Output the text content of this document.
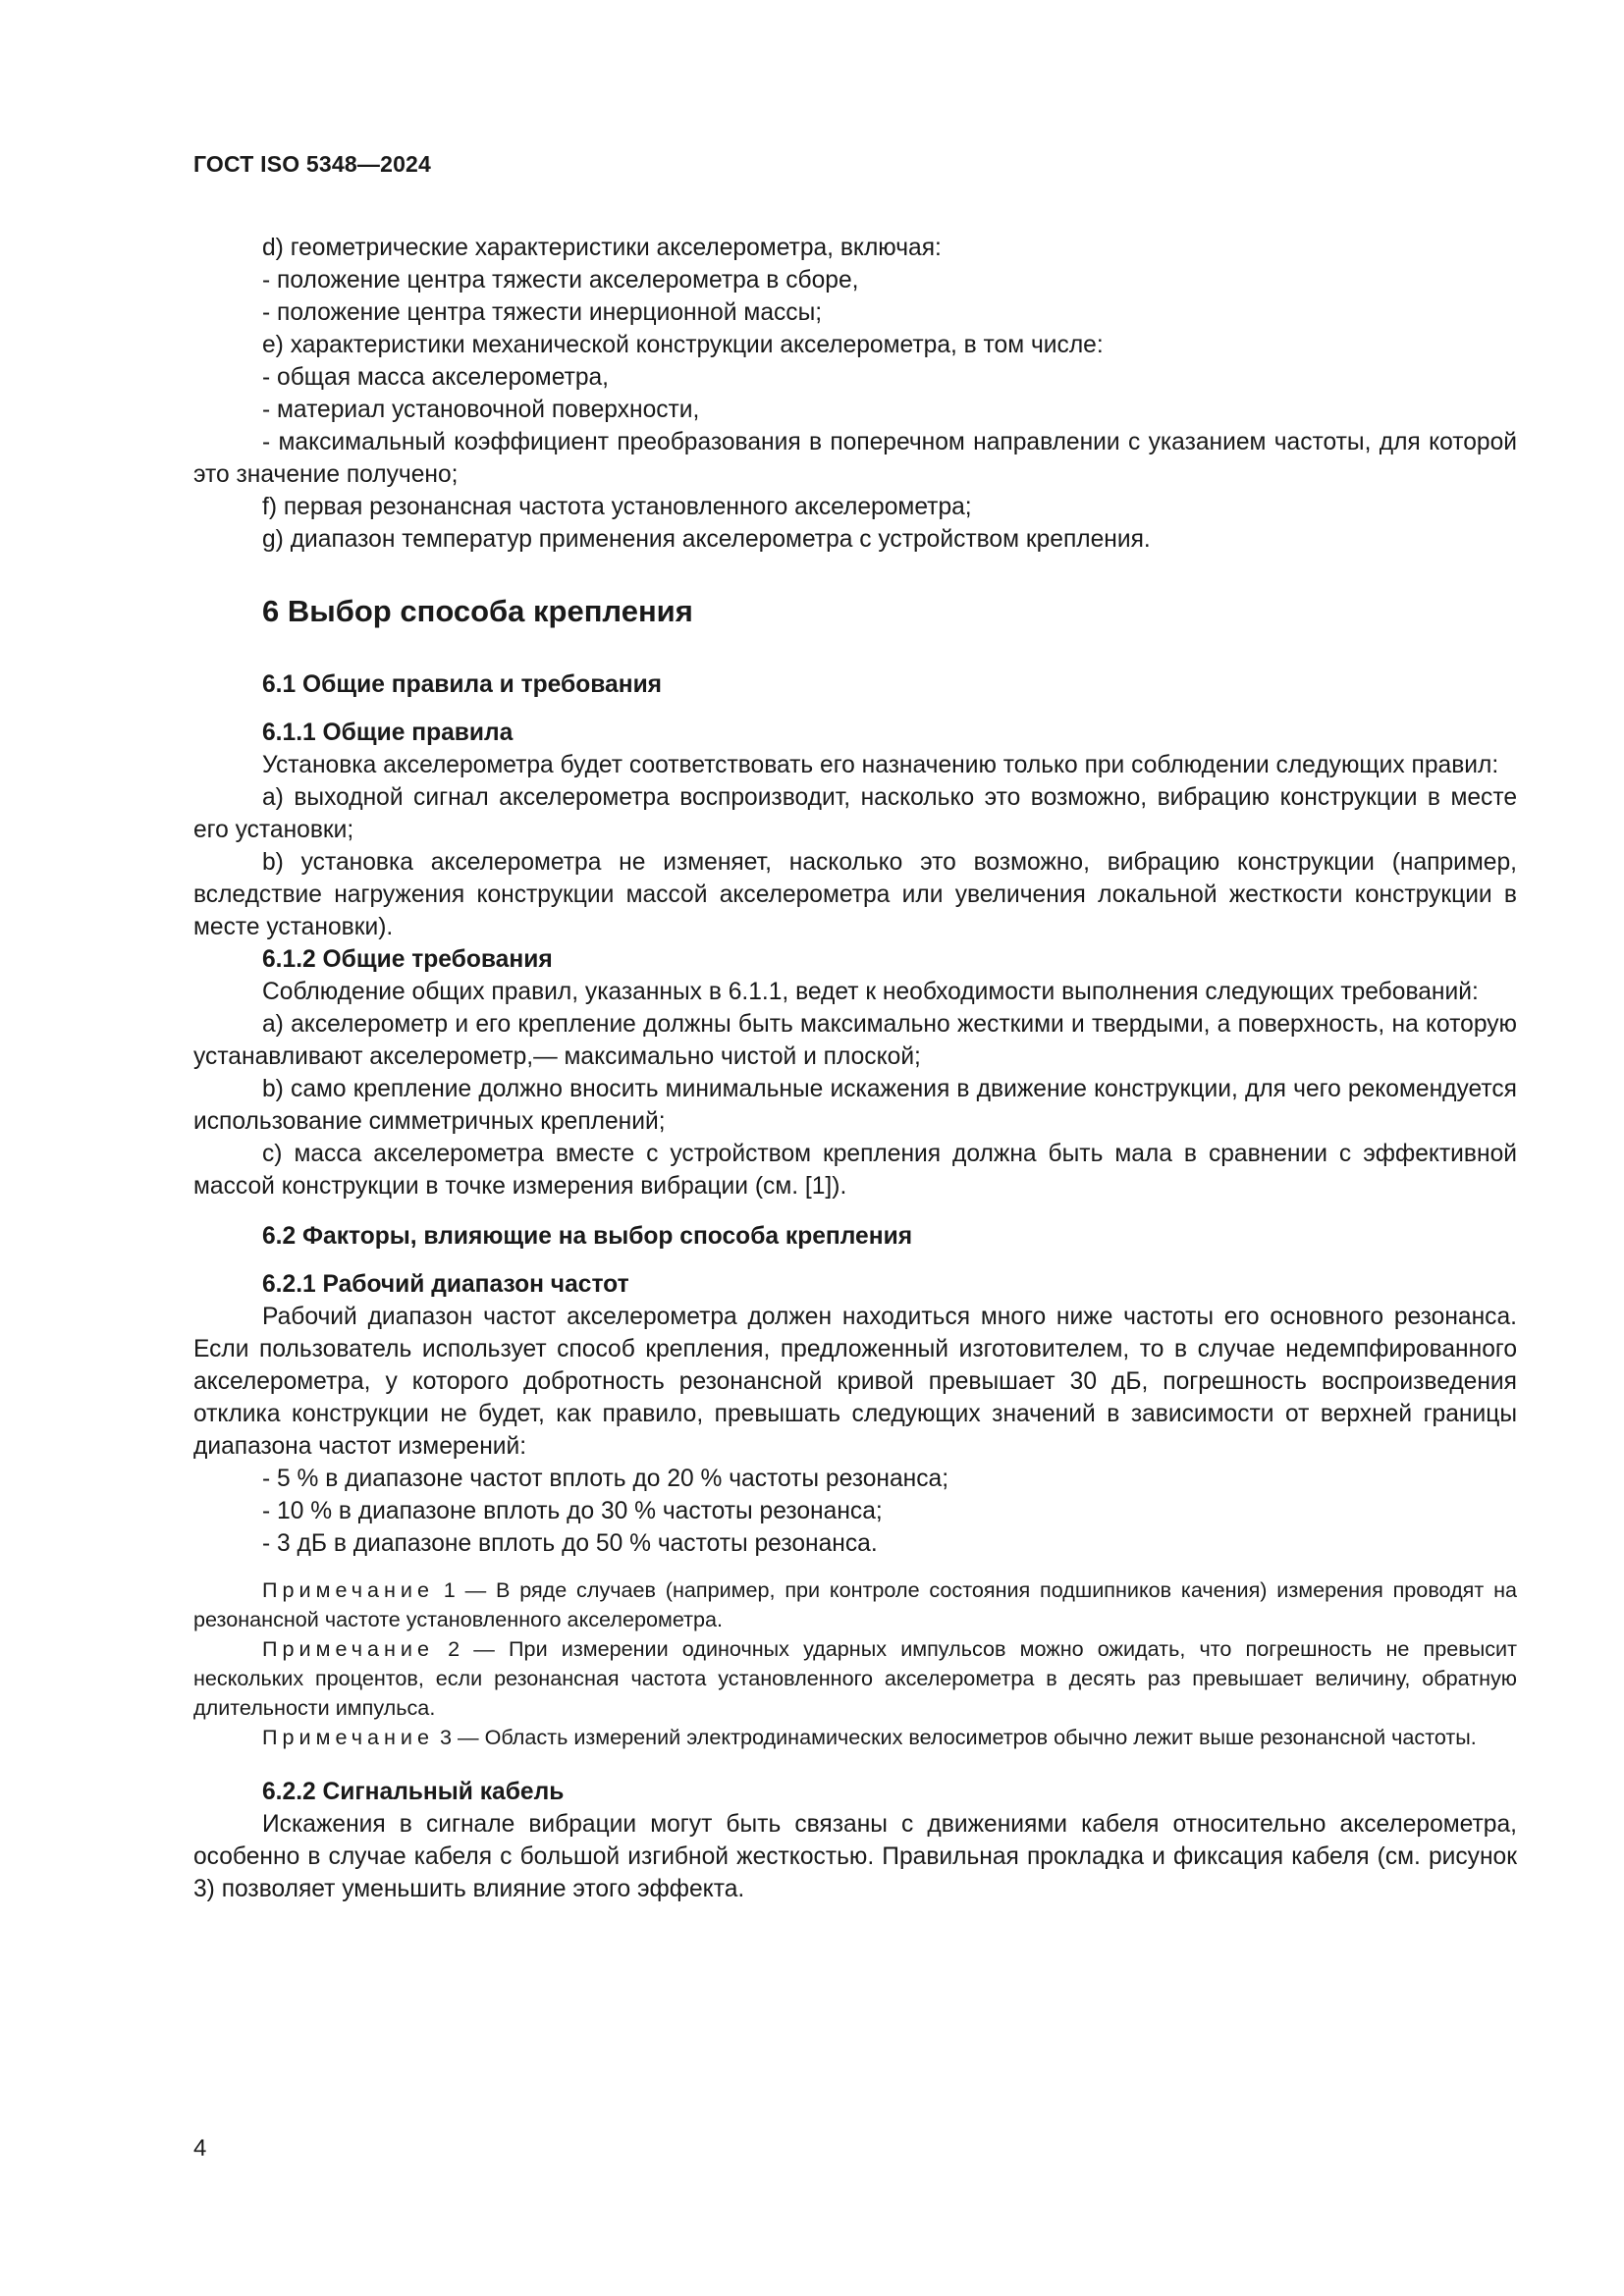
ГОСТ ISO 5348—2024

d) геометрические характеристики акселерометра, включая:

- положение центра тяжести акселерометра в сборе,

- положение центра тяжести инерционной массы;

e) характеристики механической конструкции акселерометра, в том числе:

- общая масса акселерометра,

- материал установочной поверхности,

- максимальный коэффициент преобразования в поперечном направлении с указанием частоты, для которой это значение получено;

f) первая резонансная частота установленного акселерометра;

g) диапазон температур применения акселерометра с устройством крепления.

6 Выбор способа крепления
6.1 Общие правила и требования
6.1.1 Общие правила

Установка акселерометра будет соответствовать его назначению только при соблюдении следующих правил:

a) выходной сигнал акселерометра воспроизводит, насколько это возможно, вибрацию конструкции в месте его установки;

b) установка акселерометра не изменяет, насколько это возможно, вибрацию конструкции (например, вследствие нагружения конструкции массой акселерометра или увеличения локальной жесткости конструкции в месте установки).

6.1.2 Общие требования

Соблюдение общих правил, указанных в 6.1.1, ведет к необходимости выполнения следующих требований:

a) акселерометр и его крепление должны быть максимально жесткими и твердыми, а поверхность, на которую устанавливают акселерометр,— максимально чистой и плоской;

b) само крепление должно вносить минимальные искажения в движение конструкции, для чего рекомендуется использование симметричных креплений;

c) масса акселерометра вместе с устройством крепления должна быть мала в сравнении с эффективной массой конструкции в точке измерения вибрации (см. [1]).

6.2 Факторы, влияющие на выбор способа крепления
6.2.1 Рабочий диапазон частот

Рабочий диапазон частот акселерометра должен находиться много ниже частоты его основного резонанса. Если пользователь использует способ крепления, предложенный изготовителем, то в случае недемпфированного акселерометра, у которого добротность резонансной кривой превышает 30 дБ, погрешность воспроизведения отклика конструкции не будет, как правило, превышать следующих значений в зависимости от верхней границы диапазона частот измерений:

- 5 % в диапазоне частот вплоть до 20 % частоты резонанса;

- 10 % в диапазоне вплоть до 30 % частоты резонанса;

- 3 дБ в диапазоне вплоть до 50 % частоты резонанса.

Примечание 1 — В ряде случаев (например, при контроле состояния подшипников качения) измерения проводят на резонансной частоте установленного акселерометра.

Примечание 2 — При измерении одиночных ударных импульсов можно ожидать, что погрешность не превысит нескольких процентов, если резонансная частота установленного акселерометра в десять раз превышает величину, обратную длительности импульса.

Примечание 3 — Область измерений электродинамических велосиметров обычно лежит выше резонансной частоты.

6.2.2 Сигнальный кабель

Искажения в сигнале вибрации могут быть связаны с движениями кабеля относительно акселерометра, особенно в случае кабеля с большой изгибной жесткостью. Правильная прокладка и фиксация кабеля (см. рисунок 3) позволяет уменьшить влияние этого эффекта.

4
